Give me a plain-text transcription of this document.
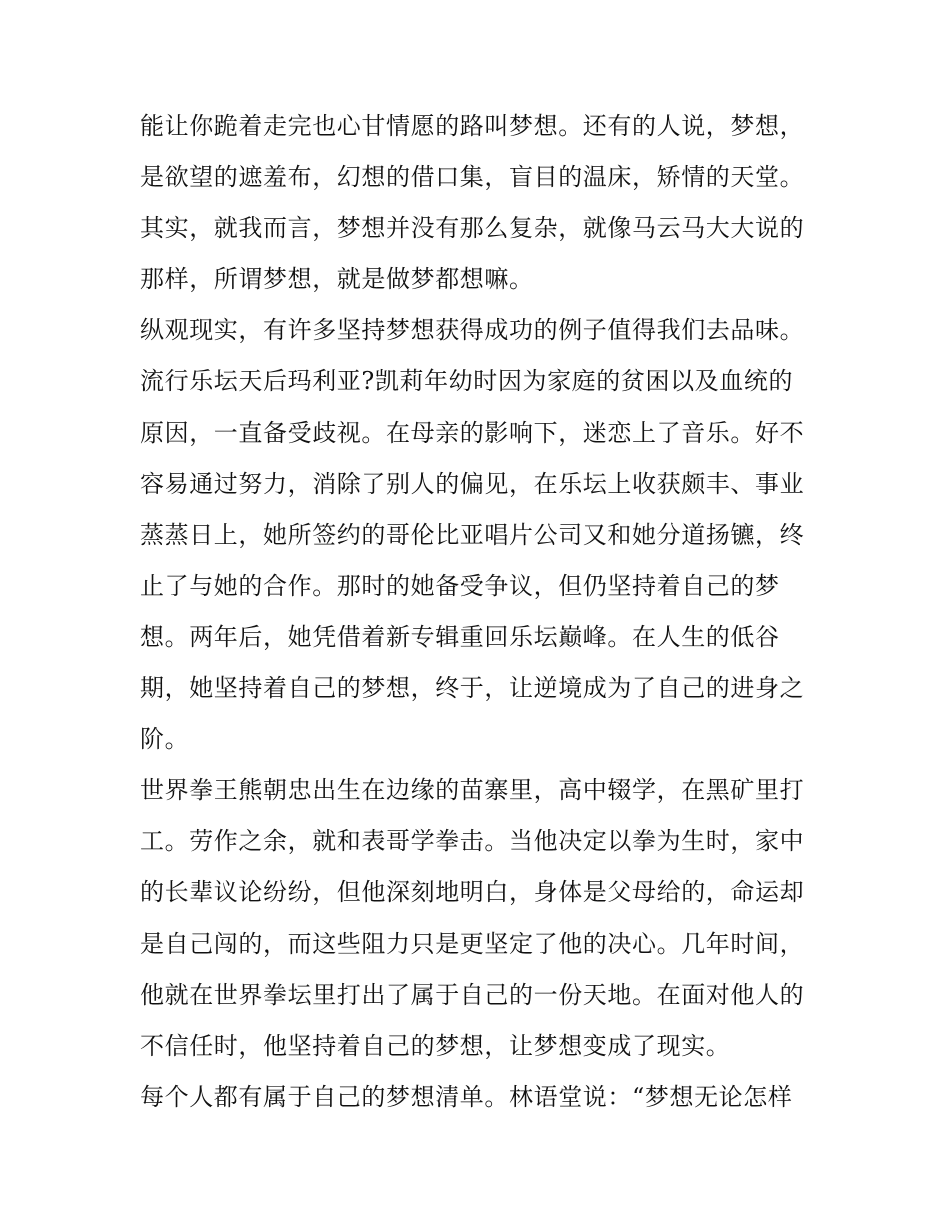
能让你跪着走完也心甘情愿的路叫梦想。还有的人说，梦想，
是欲望的遮羞布，幻想的借口集，盲目的温床，矫情的天堂。
其实，就我而言，梦想并没有那么复杂，就像马云马大大说的
那样，所谓梦想，就是做梦都想嘛。
纵观现实，有许多坚持梦想获得成功的例子值得我们去品味。
流行乐坛天后玛利亚?凯莉年幼时因为家庭的贫困以及血统的
原因，一直备受歧视。在母亲的影响下，迷恋上了音乐。好不
容易通过努力，消除了别人的偏见，在乐坛上收获颇丰、事业
蒸蒸日上，她所签约的哥伦比亚唱片公司又和她分道扬镳，终
止了与她的合作。那时的她备受争议，但仍坚持着自己的梦
想。两年后，她凭借着新专辑重回乐坛巅峰。在人生的低谷
期，她坚持着自己的梦想，终于，让逆境成为了自己的进身之
阶。
世界拳王熊朝忠出生在边缘的苗寨里，高中辍学，在黑矿里打
工。劳作之余，就和表哥学拳击。当他决定以拳为生时，家中
的长辈议论纷纷，但他深刻地明白，身体是父母给的，命运却
是自己闯的，而这些阻力只是更坚定了他的决心。几年时间，
他就在世界拳坛里打出了属于自己的一份天地。在面对他人的
不信任时，他坚持着自己的梦想，让梦想变成了现实。
每个人都有属于自己的梦想清单。林语堂说：“梦想无论怎样
